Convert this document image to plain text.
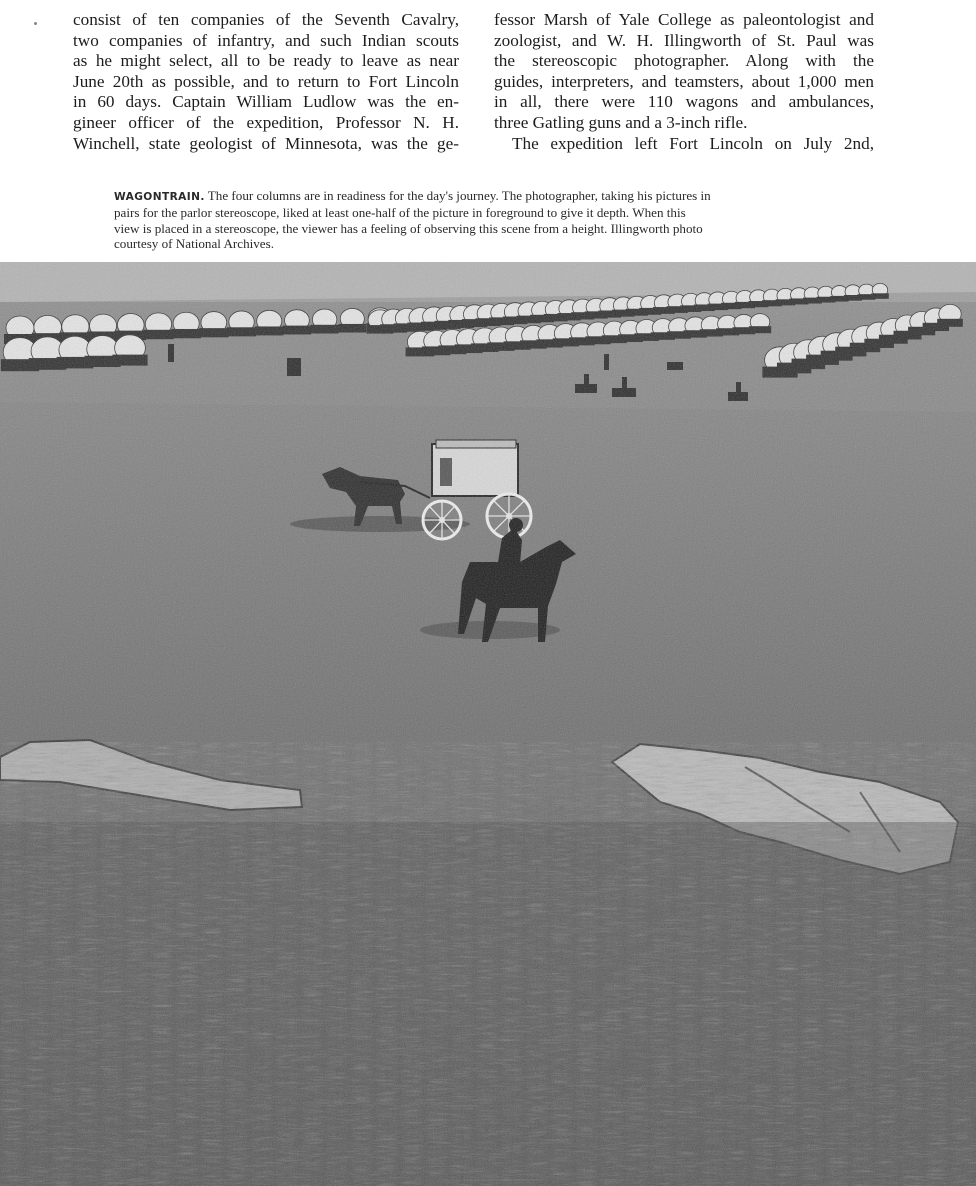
consist of ten companies of the Seventh Cavalry,
two companies of infantry, and such Indian scouts
as he might select, all to be ready to leave as near
June 20th as possible, and to return to Fort Lincoln
in 60 days. Captain William Ludlow was the en-
gineer officer of the expedition, Professor N. H.
Winchell, state geologist of Minnesota, was the ge-
fessor Marsh of Yale College as paleontologist and
zoologist, and W. H. Illingworth of St. Paul was
the stereoscopic photographer. Along with the
guides, interpreters, and teamsters, about 1,000 men
in all, there were 110 wagons and ambulances,
three Gatling guns and a 3-inch rifle.
The expedition left Fort Lincoln on July 2nd,
WAGONTRAIN. The four columns are in readiness for the day's journey. The photographer, taking his pictures in
pairs for the parlor stereoscope, liked at least one-half of the picture in foreground to give it depth. When this
view is placed in a stereoscope, the viewer has a feeling of observing this scene from a height. Illingworth photo
courtesy of National Archives.
